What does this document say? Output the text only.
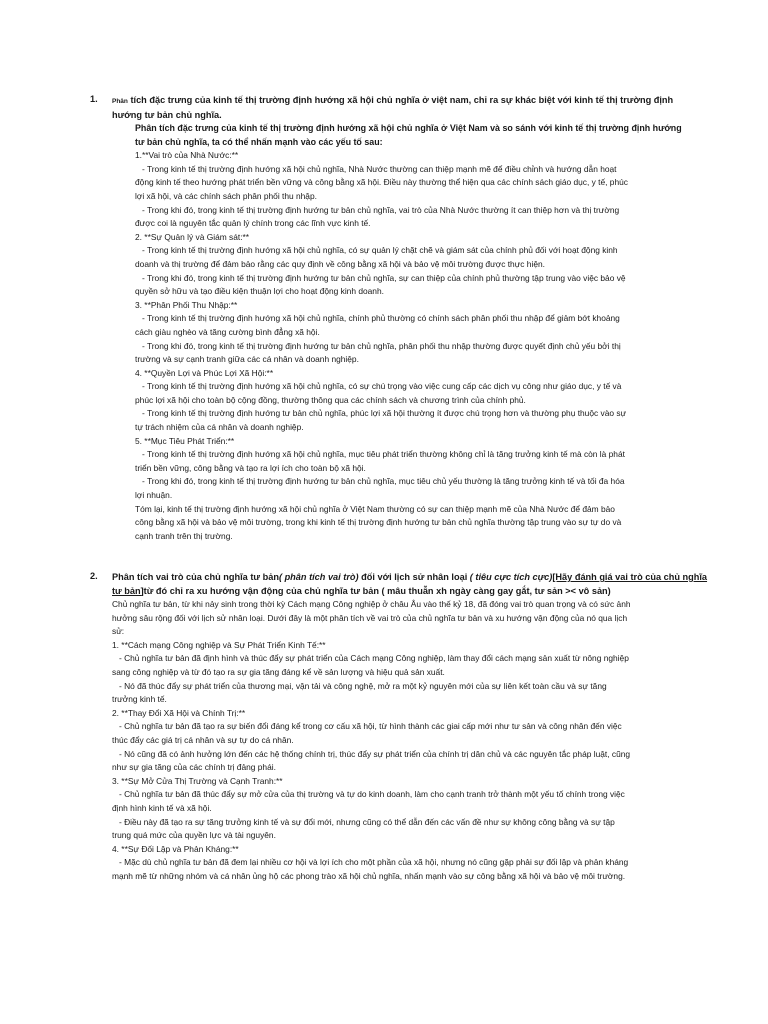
1. Phân tích đặc trưng của kinh tế thị trường định hướng xã hội chủ nghĩa ở việt nam, chỉ ra sự khác biệt với kinh tế thị trường định
hướng tư bản chủ nghĩa.
Phân tích đặc trưng của kinh tế thị trường định hướng xã hội chủ nghĩa ở Việt Nam và so sánh với kinh tế thị trường định hướng
tư bản chủ nghĩa, ta có thể nhấn mạnh vào các yếu tố sau:
1.**Vai trò của Nhà Nước:**
- Trong kinh tế thị trường định hướng xã hội chủ nghĩa, Nhà Nước thường can thiệp mạnh mẽ để điều chỉnh và hướng dẫn hoạt
động kinh tế theo hướng phát triển bền vững và công bằng xã hội. Điều này thường thể hiện qua các chính sách giáo dục, y tế, phúc
lợi xã hội, và các chính sách phân phối thu nhập.
- Trong khi đó, trong kinh tế thị trường định hướng tư bản chủ nghĩa, vai trò của Nhà Nước thường ít can thiệp hơn và thị trường
được coi là nguyên tắc quản lý chính trong các lĩnh vực kinh tế.
2. **Sự Quản lý và Giám sát:**
- Trong kinh tế thị trường định hướng xã hội chủ nghĩa, có sự quản lý chặt chẽ và giám sát của chính phủ đối với hoạt động kinh
doanh và thị trường để đảm bảo rằng các quy định về công bằng xã hội và bảo vệ môi trường được thực hiện.
- Trong khi đó, trong kinh tế thị trường định hướng tư bản chủ nghĩa, sự can thiệp của chính phủ thường tập trung vào việc bảo vệ
quyền sở hữu và tạo điều kiện thuận lợi cho hoạt động kinh doanh.
3. **Phân Phối Thu Nhập:**
- Trong kinh tế thị trường định hướng xã hội chủ nghĩa, chính phủ thường có chính sách phân phối thu nhập để giảm bớt khoảng
cách giàu nghèo và tăng cường bình đẳng xã hội.
- Trong khi đó, trong kinh tế thị trường định hướng tư bản chủ nghĩa, phân phối thu nhập thường được quyết định chủ yếu bởi thị
trường và sự cạnh tranh giữa các cá nhân và doanh nghiệp.
4. **Quyền Lợi và Phúc Lợi Xã Hội:**
- Trong kinh tế thị trường định hướng xã hội chủ nghĩa, có sự chú trọng vào việc cung cấp các dịch vụ công như giáo dục, y tế và
phúc lợi xã hội cho toàn bộ cộng đồng, thường thông qua các chính sách và chương trình của chính phủ.
- Trong kinh tế thị trường định hướng tư bản chủ nghĩa, phúc lợi xã hội thường ít được chú trọng hơn và thường phụ thuộc vào sự
tự trách nhiệm của cá nhân và doanh nghiệp.
5. **Mục Tiêu Phát Triển:**
- Trong kinh tế thị trường định hướng xã hội chủ nghĩa, mục tiêu phát triển thường không chỉ là tăng trưởng kinh tế mà còn là phát
triển bền vững, công bằng và tạo ra lợi ích cho toàn bộ xã hội.
- Trong khi đó, trong kinh tế thị trường định hướng tư bản chủ nghĩa, mục tiêu chủ yếu thường là tăng trưởng kinh tế và tối đa hóa
lợi nhuận.
Tóm lại, kinh tế thị trường định hướng xã hội chủ nghĩa ở Việt Nam thường có sự can thiệp mạnh mẽ của Nhà Nước để đảm bảo
công bằng xã hội và bảo vệ môi trường, trong khi kinh tế thị trường định hướng tư bản chủ nghĩa thường tập trung vào sự tự do và
cạnh tranh trên thị trường.
2. Phân tích vai trò của chủ nghĩa tư bản( phân tích vai trò) đối với lịch sử nhân loại ( tiêu cực tích cực)[Hãy đánh giá vai trò của chủ nghĩa
tư bản]từ đó chỉ ra xu hướng vận động của chủ nghĩa tư bản ( mâu thuẫn xh ngày càng gay gắt, tư sản >< vô sản)
Chủ nghĩa tư bản, từ khi nảy sinh trong thời kỳ Cách mạng Công nghiệp ở châu Âu vào thế kỷ 18, đã đóng vai trò quan trọng và có sức ảnh
hưởng sâu rộng đối với lịch sử nhân loại. Dưới đây là một phân tích về vai trò của chủ nghĩa tư bản và xu hướng vận động của nó qua lịch
sử:
1. **Cách mạng Công nghiệp và Sự Phát Triển Kinh Tế:**
- Chủ nghĩa tư bản đã định hình và thúc đẩy sự phát triển của Cách mạng Công nghiệp, làm thay đổi cách mạng sản xuất từ nông nghiệp
sang công nghiệp và từ đó tạo ra sự gia tăng đáng kể về sản lượng và hiệu quả sản xuất.
- Nó đã thúc đẩy sự phát triển của thương mại, vận tải và công nghệ, mở ra một kỷ nguyên mới của sự liên kết toàn cầu và sự tăng
trưởng kinh tế.
2. **Thay Đổi Xã Hội và Chính Trị:**
- Chủ nghĩa tư bản đã tạo ra sự biến đổi đáng kể trong cơ cấu xã hội, từ hình thành các giai cấp mới như tư sản và công nhân đến việc
thúc đẩy các giá trị cá nhân và sự tự do cá nhân.
- Nó cũng đã có ảnh hưởng lớn đến các hệ thống chính trị, thúc đẩy sự phát triển của chính trị dân chủ và các nguyên tắc pháp luật, cũng
như sự gia tăng của các chính trị đảng phái.
3. **Sự Mở Cửa Thị Trường và Cạnh Tranh:**
- Chủ nghĩa tư bản đã thúc đẩy sự mở cửa của thị trường và tự do kinh doanh, làm cho cạnh tranh trở thành một yếu tố chính trong việc
định hình kinh tế và xã hội.
- Điều này đã tạo ra sự tăng trưởng kinh tế và sự đổi mới, nhưng cũng có thể dẫn đến các vấn đề như sự không công bằng và sự tập
trung quá mức của quyền lực và tài nguyên.
4. **Sự Đối Lập và Phản Kháng:**
- Mặc dù chủ nghĩa tư bản đã đem lại nhiều cơ hội và lợi ích cho một phần của xã hội, nhưng nó cũng gặp phải sự đối lập và phản kháng
mạnh mẽ từ những nhóm và cá nhân ủng hộ các phong trào xã hội chủ nghĩa, nhấn mạnh vào sự công bằng xã hội và bảo vệ môi trường.
